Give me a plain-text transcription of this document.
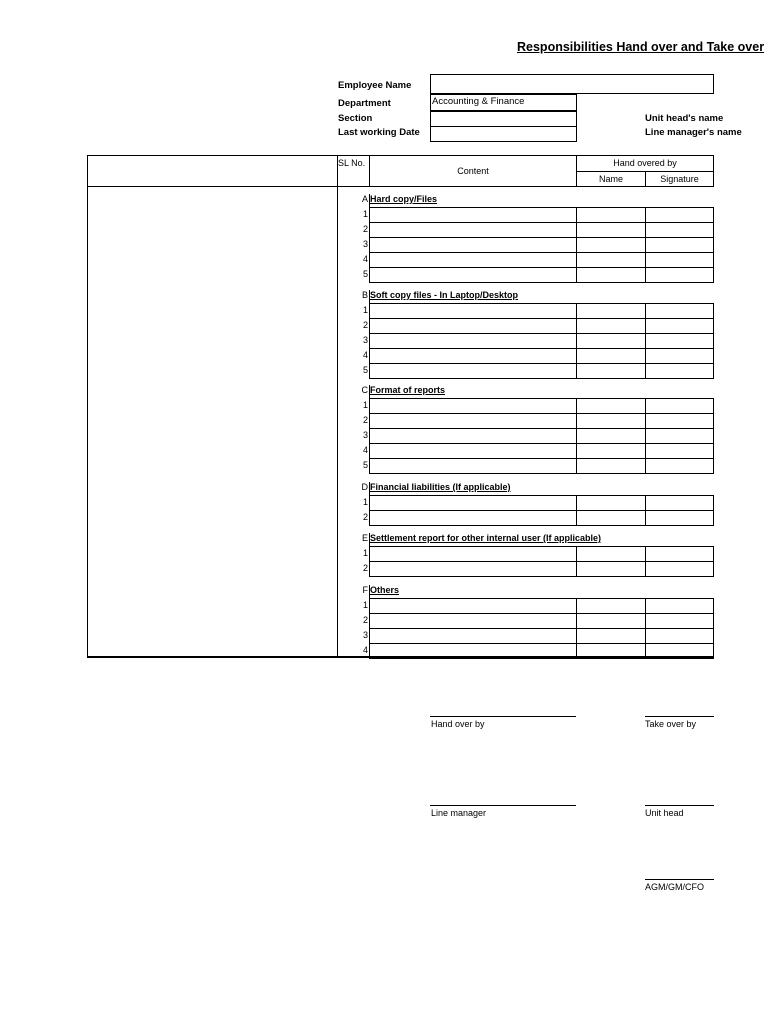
Responsibilities Hand over and Take over
Employee Name
Department	Accounting & Finance
Section
Last working Date
Unit head's name
Line manager's name
SL No.
Content
Hand overed by
Name	Signature
A Hard copy/Files
1
2
3
4
5
B Soft copy files - In Laptop/Desktop
1
2
3
4
5
C Format of reports
1
2
3
4
5
D Financial liabilities (If applicable)
1
2
E Settlement report for other internal user (If applicable)
1
2
F Others
1
2
3
4
Hand over by	Take over by
Line manager	Unit head
AGM/GM/CFO
